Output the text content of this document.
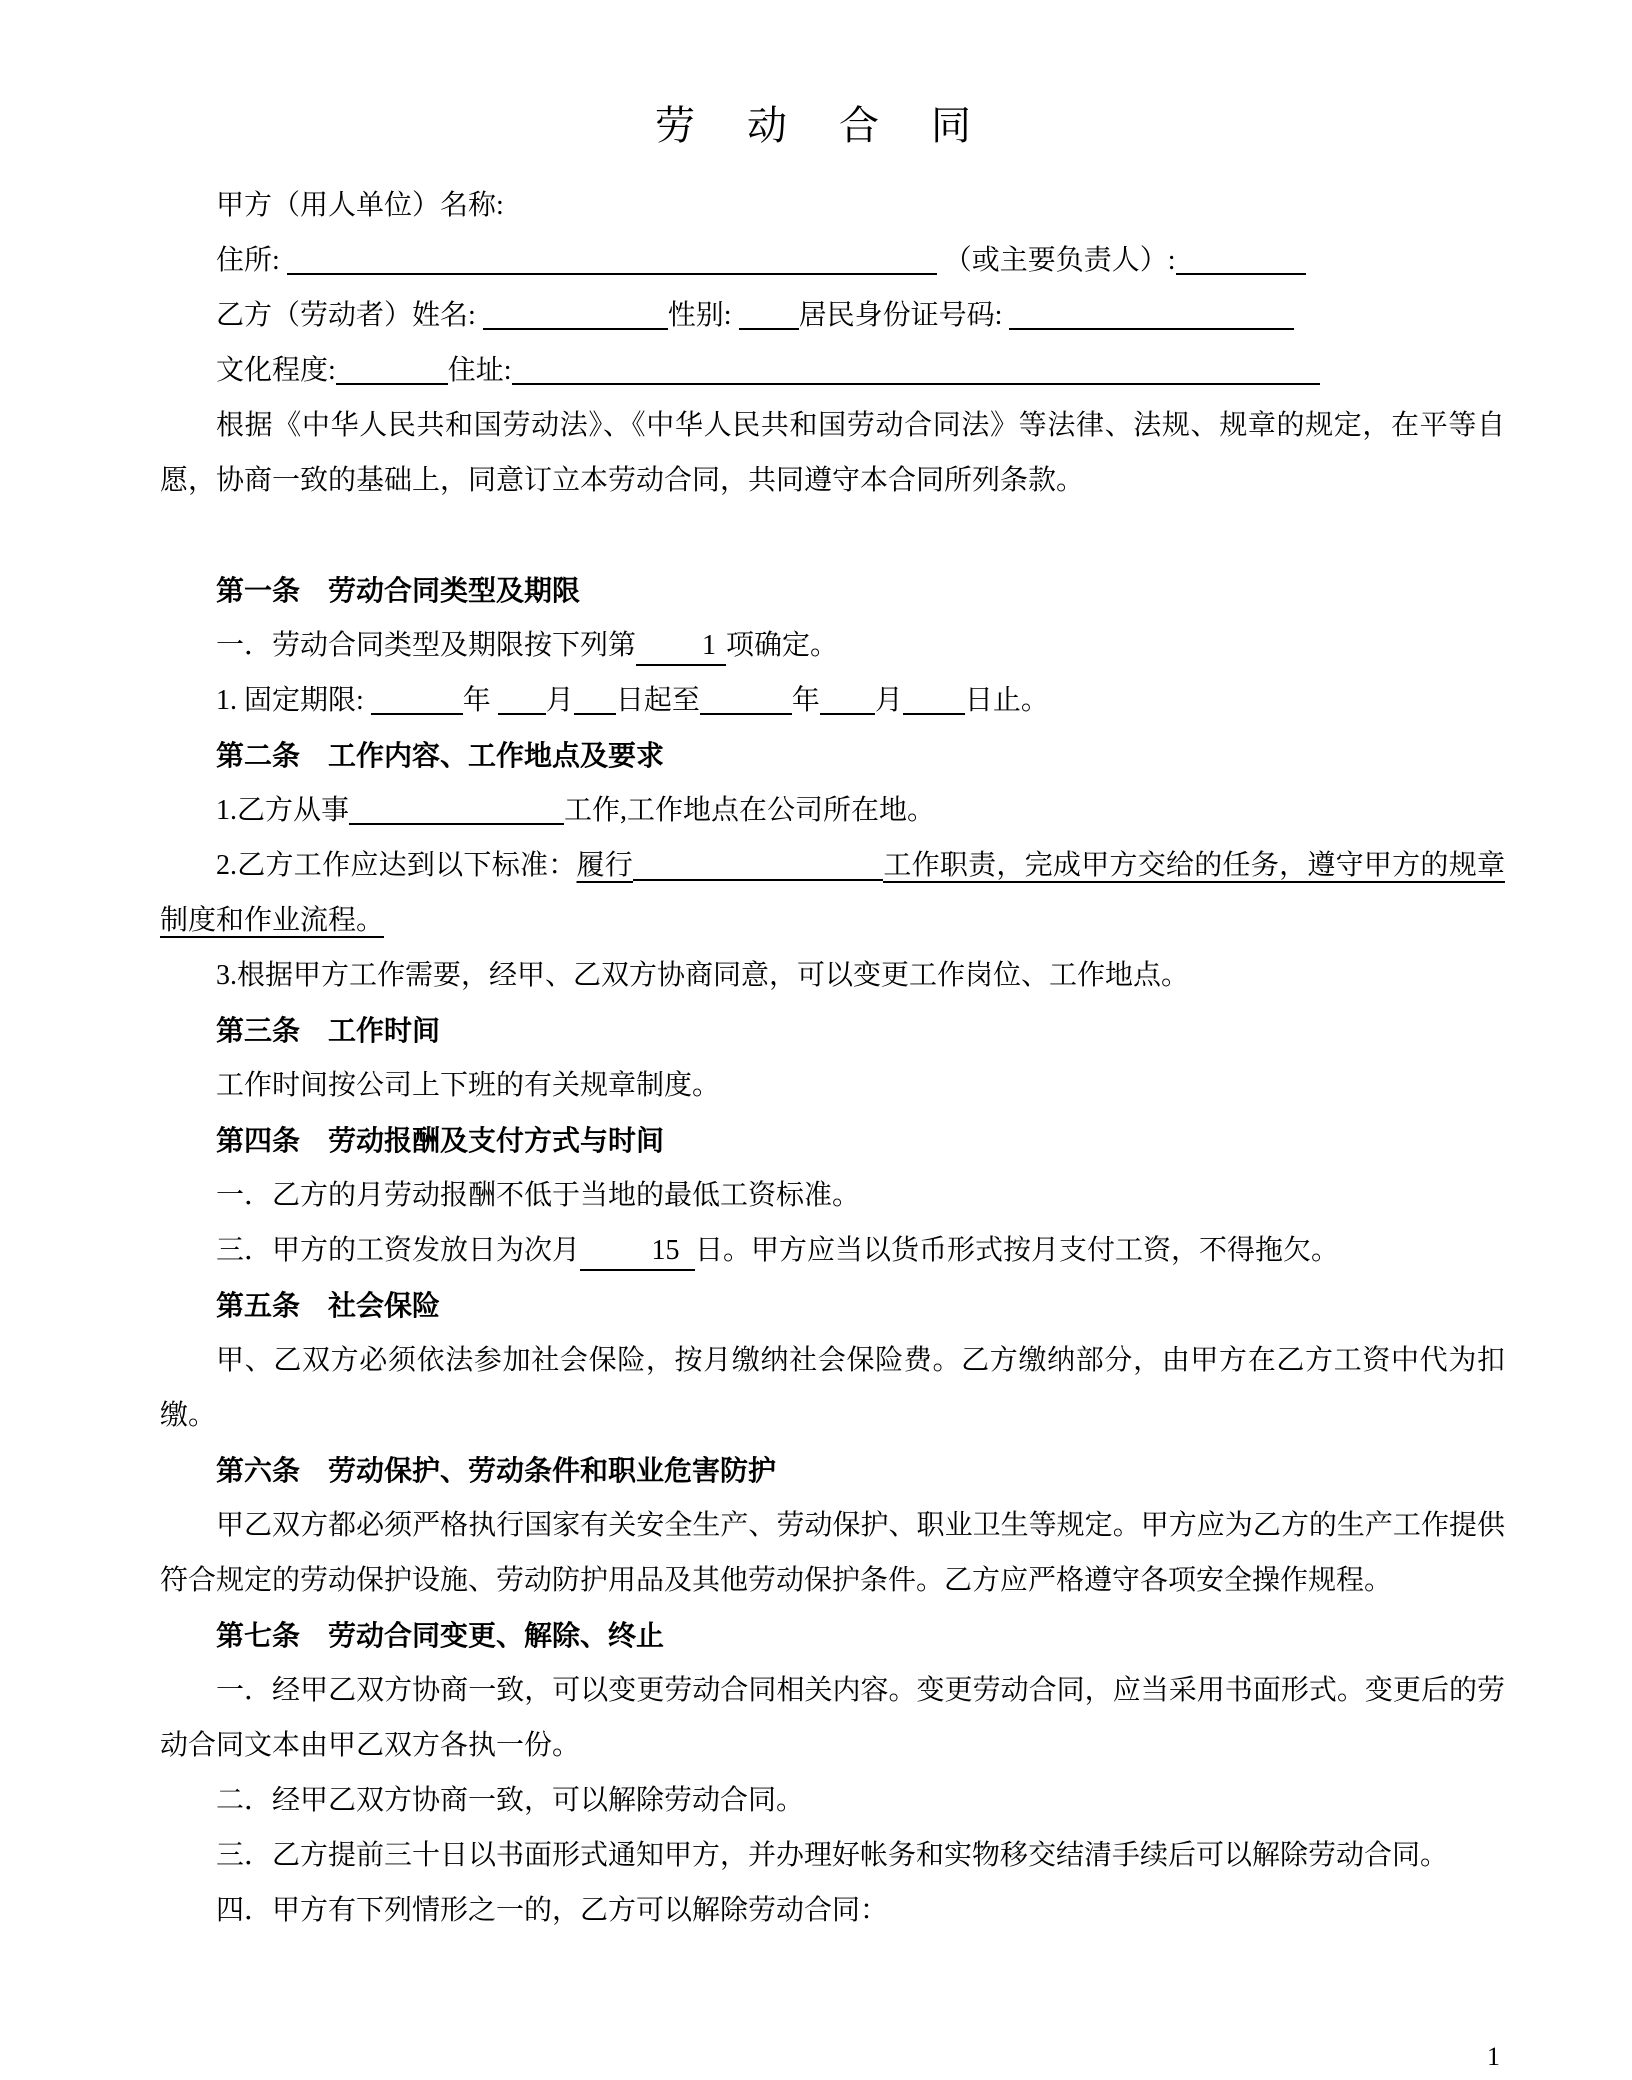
劳　动　合　同

甲方（用人单位）名称:

住所:	（或主要负责人）:

乙方（劳动者）姓名:	性别: 居民身份证号码:

文化程度:	住址:

根据《中华人民共和国劳动法》、《中华人民共和国劳动合同法》等法律、法规、规章的规定，在平等自愿，协商一致的基础上，同意订立本劳动合同，共同遵守本合同所列条款。

第一条　劳动合同类型及期限

一．劳动合同类型及期限按下列第 1 项确定。

1. 固定期限:	年 月 日起至	年 月 日止。

第二条　工作内容、工作地点及要求

1.乙方从事	工作,工作地点在公司所在地。

2.乙方工作应达到以下标准：履行	工作职责，完成甲方交给的任务，遵守甲方的规章制度和作业流程。

3.根据甲方工作需要，经甲、乙双方协商同意，可以变更工作岗位、工作地点。

第三条　工作时间

工作时间按公司上下班的有关规章制度。

第四条　劳动报酬及支付方式与时间

一．乙方的月劳动报酬不低于当地的最低工资标准。

三．甲方的工资发放日为次月	15 日。甲方应当以货币形式按月支付工资，不得拖欠。

第五条　社会保险

甲、乙双方必须依法参加社会保险，按月缴纳社会保险费。乙方缴纳部分，由甲方在乙方工资中代为扣缴。

第六条　劳动保护、劳动条件和职业危害防护

甲乙双方都必须严格执行国家有关安全生产、劳动保护、职业卫生等规定。甲方应为乙方的生产工作提供符合规定的劳动保护设施、劳动防护用品及其他劳动保护条件。乙方应严格遵守各项安全操作规程。

第七条　劳动合同变更、解除、终止

一．经甲乙双方协商一致，可以变更劳动合同相关内容。变更劳动合同，应当采用书面形式。变更后的劳动合同文本由甲乙双方各执一份。

二．经甲乙双方协商一致，可以解除劳动合同。

三．乙方提前三十日以书面形式通知甲方，并办理好帐务和实物移交结清手续后可以解除劳动合同。

四．甲方有下列情形之一的，乙方可以解除劳动合同：

1
